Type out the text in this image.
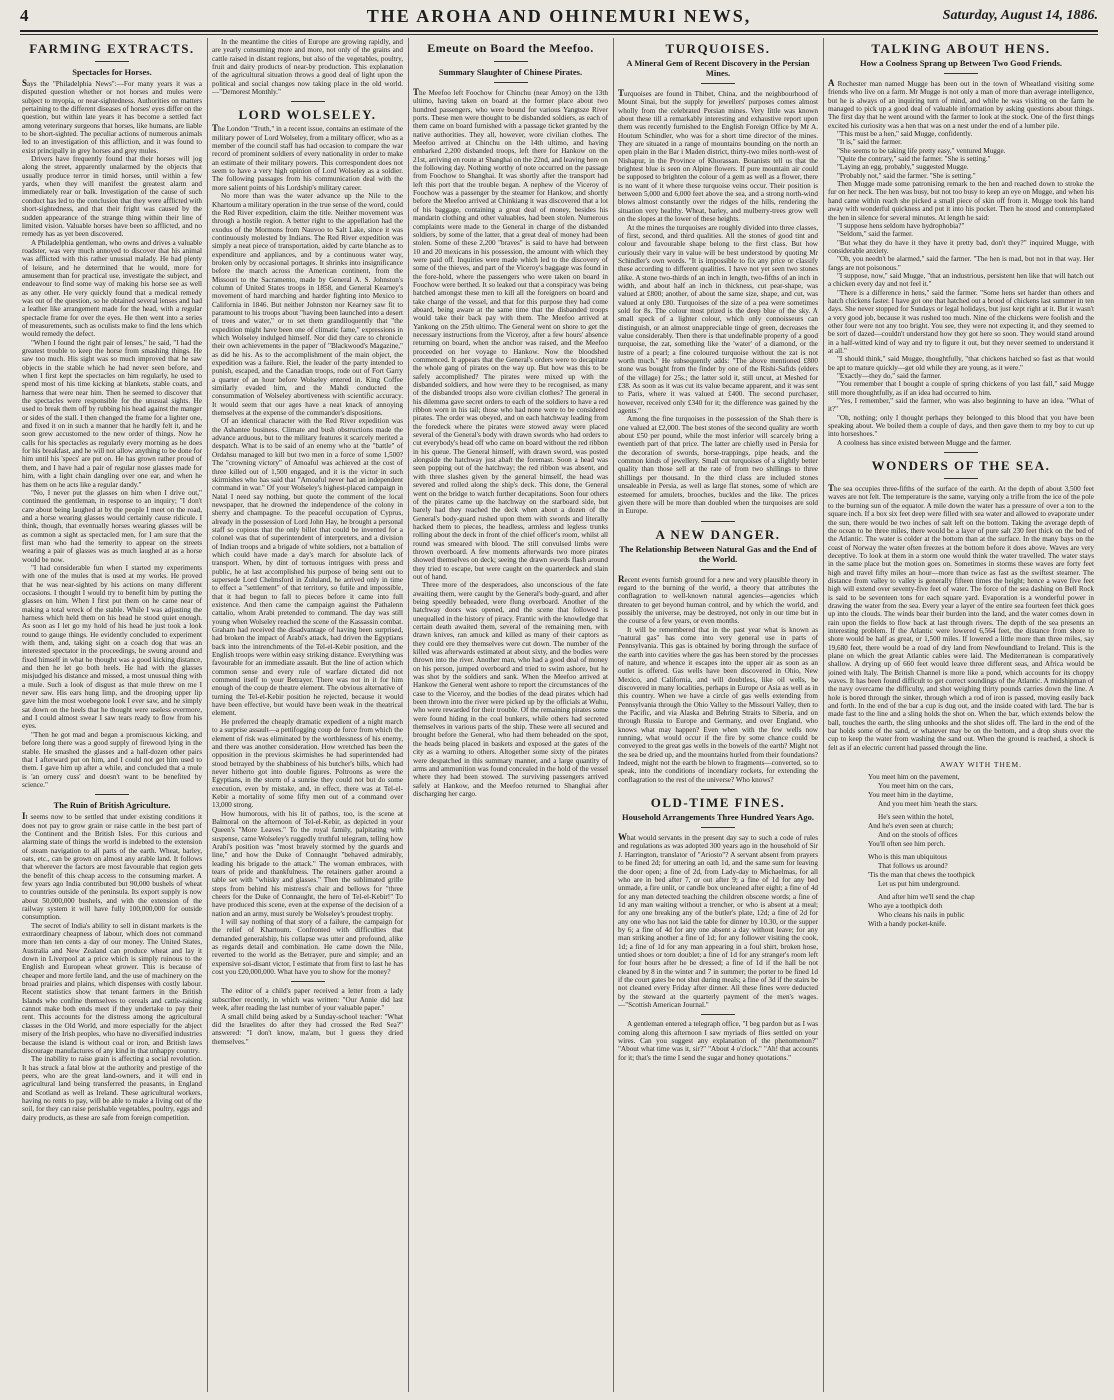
4	THE AROHA AND OHINEMURI NEWS,	Saturday, August 14, 1886.
FARMING EXTRACTS.
Spectacles for Horses.

Says the "Philadelphia News":—For many years it was a disputed question whether or not horses and mules were subject to myopia, or near-sightedness. Authorities on matters pertaining to the different diseases of horses' eyes differ on the question, but within late years it has become a settled fact among veterinary surgeons that horses, like humans, are liable to be short-sighted. The peculiar actions of numerous animals led to an investigation of this affliction, and it was found to exist principally in grey horses and grey mules.

Drivers have frequently found that their horses will jog along the street, apparently unalarmed by the objects that usually produce terror in timid horses, until within a few yards, when they will manifest the greatest alarm and immediately rear or balk. Investigation of the cause of such conduct has led to the conclusion that they were afflicted with short-sightedness, and that their fright was caused by the sudden appearance of the strange thing within their line of limited vision. Valuable horses have been so afflicted, and no remedy has as yet been discovered.

A Philadelphia gentleman, who owns and drives a valuable roadster, was very much annoyed to discover that his animal was afflicted with this rather unusual malady. He had plenty of leisure, and he determined that he would, more for amusement than for practical use, investigate the subject, and endeavour to find some way of making his horse see as well as any other. He very quickly found that a medical remedy was out of the question, so he obtained several lenses and had a leather like arrangement made for the head, with a regular spectacle frame for over the eyes. He then went into a series of measurements, such as oculists make to find the lens which would remedy the defect.

"When I found the right pair of lenses," he said, "I had the greatest trouble to keep the horse from smashing things. He saw too much. His sight was so much improved that he saw objects in the stable which he had never seen before, and when I first kept the spectacles on him regularly, he used to spend most of his time kicking at blankets, stable coats, and harness that were near him. Then he seemed to discover that the spectacles were responsible for the unusual sights. He used to break them off by rubbing his head against the manger or sides of the stall. I then changed the frame for a lighter one, and fixed it on in such a manner that he hardly felt it, and he soon grew accustomed to the new order of things. Now he calls for his spectacles as regularly every morning as he does for his breakfast, and he will not allow anything to be done for him until his 'specs' are put on. He has grown rather proud of them, and I have had a pair of regular nose glasses made for him, with a light chain dangling over one ear, and when he has them on he acts like a regular dandy."

"No, I never put the glasses on him when I drive out," continued the gentleman, in response to an inquiry; "I don't care about being laughed at by the people I meet on the road, and a horse wearing glasses would certainly cause ridicule. I think, though, that eventually horses wearing glasses will be as common a sight as spectacled men, for I am sure that the first man who had the temerity to appear on the streets wearing a pair of glasses was as much laughed at as a horse would be now.

"I had considerable fun when I started my experiments with one of the mules that is used at my works. He proved that he was near-sighted by his actions on many different occasions. I thought I would try to benefit him by putting the glasses on him. When I first put them on he came near of making a total wreck of the stable. While I was adjusting the harness which held them on his head he stood quiet enough. As soon as I let go my hold of his head he just took a look round to gauge things. He evidently concluded to experiment with them, and, taking sight on a coach dog that was an interested spectator in the proceedings, he swung around and fixed himself in what he thought was a good kicking distance, and then he let go both heels. He had with the glasses misjudged his distance and missed, a most unusual thing with a mule. Such a look of disgust as that mule threw on me I never saw. His ears hung limp, and the drooping upper lip gave him the most woebegone look I ever saw, and he simply sat down on the heels that he thought were useless evermore, and I could almost swear I saw tears ready to flow from his eyes.

"Then he got mad and began a promiscuous kicking, and before long there was a good supply of firewood lying in the stable. He smashed the glasses and a half-dozen other pairs that I afterward put on him, and I could not get him used to them. I gave him up after a while, and concluded that a mule is 'an ornery cuss' and doesn't want to be benefited by science."

The Ruin of British Agriculture.

It seems now to be settled that under existing conditions it does not pay to grow grain or raise cattle in the best part of the Continent and the British Isles. For this curious and alarming state of things the world is indebted to the extension of steam navigation to all parts of the earth. Wheat, barley, oats, etc., can be grown on almost any arable land. It follows that wherever the factors are most favourable that region gets the benefit of this cheap access to the consuming market. A few years ago India contributed but 90,000 bushels of wheat to countries outside of the peninsula. Its export supply is now about 50,000,000 bushels, and with the extension of the railway system it will have fully 100,000,000 for outside consumption.

The secret of India's ability to sell in distant markets is the extraordinary cheapness of labour, which does not command more than ten cents a day of our money. The United States, Australia and New Zealand can produce wheat and lay it down in Liverpool at a price which is simply ruinous to the English and European wheat grower. This is because of cheaper and more fertile land, and the use of machinery on the broad prairies and plains, which dispenses with costly labour. Recent statistics show that tenant farmers in the British Islands who confine themselves to cereals and cattle-raising cannot make both ends meet if they undertake to pay their rent. This accounts for the distress among the agricultural classes in the Old World, and more especially for the abject misery of the Irish peoples, who have no diversified industries because the island is without coal or iron, and British laws discourage manufactures of any kind in that unhappy country.

The inability to raise grain is affecting a social revolution. It has struck a fatal blow at the authority and prestige of the peers, who are the great land-owners, and it will end in agricultural land being transferred the peasants, in England and Scotland as well as Ireland. These agricultural workers, having no rents to pay, will be able to make a living out of the soil, for they can raise perishable vegetables, poultry, eggs and dairy products, as these are safe from foreign competition.

In the meantime the cities of Europe are growing rapidly, and are yearly consuming more and more, not only of the grains and cattle raised in distant regions, but also of the vegetables, poultry, fruit and dairy products of near-by production. This explanation of the agricultural situation throws a good deal of light upon the political and social changes now taking place in the old world.—"Demorest Monthly."

LORD WOLSELEY.

The London "Truth," in a recent issue, contains an estimate of the military power of Lord Wolseley, from a military officer, who as a member of the council staff has had occasion to compare the war record of prominent soldiers of every nationality in order to make an estimate of their military powers. This correspondent does not seem to have a very high opinion of Lord Wolseley as a soldier. The following passages from his communication deal with the more salient points of his Lordship's military career.

No more than was the water advance up the Nile to the Khartoum a military operation in the true sense of the word, could the Red River expedition, claim the title. Neither movement was through a hostile region. A better right to the appellation had the exodus of the Mormons from Nauvoo to Salt Lake, since it was continuously molested by Indians. The Red River expedition was simply a neat piece of transportation, aided by carte blanche as to expenditure and appliances, and by a continuous water way, broken only by occasional portages. It shrinks into insignificance before the march across the American continent, from the Missouri to the Sacramento, made by General A. S. Johnston's column of United States troops in 1858, and General Kearney's movement of hard marching and harder fighting into Mexico to California in 1846. But neither Johnston nor Kearney saw fit to paramount to his troops about "having been launched into a desert of trees and water," or to set them grandiloquently that "the expedition might have been one of climatic fame," expressions in which Wolseley indulged himself. Nor did they care to chronicle their own achievements in the paper of "Blackwood's Magazine," as did he his. As to the accomplishment of the main object, the expedition was a failure. Riel, the leader of the party intended to punish, escaped, and the Canadian troops, rode out of Fort Garry a quarter of an hour before Wolseley entered in. King Coffee similarly evaded him, and the Mahdi conducted the consummation of Wolseley abortiveness with scientific accuracy. It would seem that our ages have a neat knack of annoying themselves at the expense of the commander's dispositions.

Of an identical character with the Red River expedition was the Ashantee business. Climate and bush obstructions made the advance arduous, but to the military features it scarcely merited a despatch. What is to be said of an enemy who at the "battle" of Ordahsu managed to kill but two men in a force of some 1,500? The "crowning victory" of Amoaful was achieved at the cost of three killed out of 1,500 engaged, and it is the victor in such skirmishes who has said that "Amoaful never had an independent command in war." Of your Wolseley's highest-placed campaign in Natal I need say nothing, but quote the comment of the local newspaper, that he drowned the independence of the colony in sherry and champagne. To the peaceful occupation of Cyprus, already in the possession of Lord John Hay, he brought a personal staff so copious that the only billet that could be invented for a colonel was that of superintendent of interpreters, and a division of Indian troops and a brigade of white soldiers, not a battalion of which could have made a day's march for absolute lack of transport. When, by dint of tortuous intrigues with press and public, he at last accomplished his purpose of being sent out to supersede Lord Chelmsford in Zululand, he arrived only in time to effect a "settlement" of that territory, so futile and impossible, that it had begun to fall to pieces before it came into full existence. And then came the campaign against the Pathalenn cattalio, whom Arabi pretended to command. The day was still young when Wolseley reached the scene of the Kassassin combat. Graham had received the disadvantage of having been surprised, had broken the impact of Arabi's attack, had driven the Egyptians back into the intrenchments of the Tel-el-Kebir position, and the English troops were within easy striking distance. Everything was favourable for an immediate assault. But the line of action which common sense and every rule of warfare dictated did not commend itself to your Betrayer. There was not in it for him enough of the coup de theatre element. The obvious alternative of turning the Tel-el-Kebir position he rejected, because it would have been effective, but would have been weak in the theatrical element.

He preferred the cheaply dramatic expedient of a night march to a surprise assault—a pettifogging coup de force from which the element of risk was eliminated by the worthlessness of his enemy, and there was another consideration. How wretched has been the opposition in the previous skirmishes he had superintended had stood betrayed by the shabbiness of his butcher's bills, which had never hitherto got into double figures. Poltroons as were the Egyptians, in the storm of a sunrise they could not but do some execution, even by mistake, and, in effect, there was at Tel-el-Kebir a mortality of some fifty men out of a command over 13,000 strong.

How humorous, with his lit of pathos, too, is the scene at Balmoral on the afternoon of Tel-el-Kebir, as depicted in your Queen's "More Leaves." To the royal family, palpitating with suspense, came Wolseley's ruggedly truthful telegram, telling how Arabi's position was "most bravely stormed by the guards and line," and how the Duke of Connaught "behaved admirably, leading his brigade to the attack." The woman embraces, with tears of pride and thankfulness. The retainers gather around a table set with "whisky and glasses." Then the sublimated grille steps from behind his mistress's chair and bellows for "three cheers for the Duke of Connaught, the hero of Tel-el-Kebir!" To have produced this scene, even at the expense of the decision of a nation and an army, must surely be Wolseley's proudest trophy.

I will say nothing of that story of a failure, the campaign for the relief of Khartoum. Confronted with difficulties that demanded generalship, his collapse was utter and profound, alike as regards detail and combination. He came down the Nile, reverted to the world as the Betrayer, pure and simple; and an expensive soi-disant victor, I estimate that from first to last he has cost you £20,000,000. What have you to show for the money?

The editor of a child's paper received a letter from a lady subscriber recently, in which was written: "Our Annie did last week, after reading the last number of your valuable paper."

A small child being asked by a Sunday-school teacher: "What did the Israelites do after they had crossed the Red Sea?" answered: "I don't know, ma'am, but I guess they dried themselves."

Emeute on Board the Meefoo.
Summary Slaughter of Chinese Pirates.

The Meefoo left Foochow for Chinchu (near Amoy) on the 13th ultimo, having taken on board at the former place about two hundred passengers, who were bound for various Yangtsze River ports. These men were thought to be disbanded soldiers, as each of them came on board furnished with a passage ticket granted by the native authorities. They all, however, wore civilian clothes. The Meefoo arrived at Chinchu on the 14th ultimo, and having embarked 2,200 disbanded troops, left there for Hankow on the 21st, arriving en route at Shanghai on the 22nd, and leaving here on the following day. Nothing worthy of note occurred on the passage from Foochow to Shanghai. It was shortly after the transport had left this port that the trouble began. A nephew of the Viceroy of Foochow was a passenger by the steamer for Hankow, and shortly before the Meefoo arrived at Chinkiang it was discovered that a lot of his baggage, containing a great deal of money, besides his mandarin clothing and other valuables, had been stolen. Numerous complaints were made to the General in charge of the disbanded soldiers, by some of the latter, that a great deal of money had been stolen. Some of these 2,200 "braves" is said to have had between 10 and 20 mexicans in his possession, the amount with which they were paid off. Inquiries were made which led to the discovery of some of the thieves, and part of the Viceroy's baggage was found in the fore-hold, where the passengers who were taken on board in Foochow were berthed. It so leaked out that a conspiracy was being hatched amongst these men to kill all the foreigners on board and take charge of the vessel, and that for this purpose they had come aboard, being aware at the same time that the disbanded troops would take their back pay with them. The Meefoo arrived at Yankong on the 25th ultimo. The General went on shore to get the necessary instructions from the Viceroy, after a few hours' absence returning on board, when the anchor was raised, and the Meefoo proceeded on her voyage to Hankow. Now the bloodshed commenced. It appears that the General's orders were to decapitate the whole gang of pirates on the way up. But how was this to be safely accomplished? The pirates were mixed up with the disbanded soldiers, and how were they to be recognised, as many of the disbanded troops also wore civilian clothes? The general in his dilemma gave secret orders to each of the soldiers to have a red ribbon worn in his tail; those who had none were to be considered pirates. The order was obeyed, and on each hatchway leading from the foredeck where the pirates were stowed away were placed several of the General's body with drawn swords who had orders to cut everybody's head off who came on board without the red ribbon in his queue. The General himself, with drawn sword, was posted alongside the hatchway just abaft the foremast. Soon a head was seen popping out of the hatchway; the red ribbon was absent, and with three slashes given by the general himself, the head was severed and rolled along the ship's deck. This done, the General went on the bridge to watch further decapitations. Soon four others of the pirates came up the hatchway on the starboard side, but barely had they reached the deck when about a dozen of the General's body-guard rushed upon them with swords and literally hacked them to pieces, the headless, armless and legless trunks rolling about the deck in front of the chief officer's room, whilst all round was smeared with blood. The still convulsed limbs were thrown overboard. A few moments afterwards two more pirates showed themselves on deck; seeing the drawn swords flash around they tried to escape, but were caught on the quarterdeck and slain out of hand.

Three more of the desperadoes, also unconscious of the fate awaiting them, were caught by the General's body-guard, and after being speedily beheaded, were flung overboard. Another of the hatchway doors was opened, and the scene that followed is unequalled in the history of piracy. Frantic with the knowledge that certain death awaited them, several of the remaining men, with drawn knives, ran amuck and killed as many of their captors as they could ere they themselves were cut down. The number of the killed was afterwards estimated at about sixty, and the bodies were thrown into the river. Another man, who had a good deal of money on his person, jumped overboard and tried to swim ashore, but he was shot by the soldiers and sank. When the Meefoo arrived at Hankow the General went ashore to report the circumstances of the case to the Viceroy, and the bodies of the dead pirates which had been thrown into the river were picked up by the officials at Wuhu, who were rewarded for their trouble. Of the remaining pirates some were found hiding in the coal bunkers, while others had secreted themselves in various parts of the ship. These were all secured and brought before the General, who had them beheaded on the spot, the heads being placed in baskets and exposed at the gates of the city as a warning to others. Altogether some sixty of the pirates were despatched in this summary manner, and a large quantity of arms and ammunition was found concealed in the hold of the vessel where they had been stowed. The surviving passengers arrived safely at Hankow, and the Meefoo returned to Shanghai after discharging her cargo.

TURQUOISES.
A Mineral Gem of Recent Discovery in the Persian Mines.

Turquoises are found in Thibet, China, and the neighbourhood of Mount Sinai, but the supply for jewellers' purposes comes almost wholly from the celebrated Persian mines. Very little was known about these till a remarkably interesting and exhaustive report upon them was recently furnished to the English Foreign Office by Mr A. Houtum Schindler, who was for a short time director of the mines. They are situated in a range of mountains bounding on the north an open plain in the Bar i Maden district, thirty-two miles north-west of Nishapur, in the Province of Khorassan. Botanists tell us that the brightest blue is seen on Alpine flowers. If pure mountain air could be supposed to brighten the colour of a gem as well as a flower, there is no want of it where these turquoise veins occur. Their position is between 5,000 and 6,000 feet above the sea, and a strong north-wind blows almost constantly over the ridges of the hills, rendering the situation very healthy. Wheat, barley, and mulberry-trees grow well on the slopes at the lower of these heights.

At the mines the turquoises are roughly divided into three classes, of first, second, and third qualities. All the stones of good tint and colour and favourable shape belong to the first class. But how curiously their vary in value will be best understood by quoting Mr Schindler's own words. "It is impossible to fix any price or classify these according to different qualities. I have not yet seen two stones alike. A stone two-thirds of an inch in length, two-fifths of an inch in width, and about half an inch in thickness, cut pear-shape, was valued at £800; another, of about the same size, shape, and cut, was valued at only £80. Turquoises of the size of a pea were sometimes sold for 8s. The colour most prized is the deep blue of the sky. A small speck of a lighter colour, which only connoisseurs can distinguish, or an almost unappreciable tinge of green, decreases the value considerably. Then there is that undefinable property of a good turquoise, the zat, something like the 'water' of a diamond, or the lustre of a pearl; a fine coloured turquoise without the zat is not worth much." He subsequently adds: "The above mentioned £800 stone was bought from the finder by one of the Rishi-Safids (elders of the village) for 25s.; the latter sold it, still uncut, at Meshed for £38. As soon as it was cut its value became apparent, and it was sent to Paris, where it was valued at £400. The second purchaser, however, received only £340 for it; the difference was gained by the agents."

Among the fine turquoises in the possession of the Shah there is one valued at £2,000. The best stones of the second quality are worth about £50 per pound, while the most inferior will scarcely bring a twentieth part of that price. The latter are chiefly used in Persia for the decoration of swords, horse-trappings, pipe heads, and the common kinds of jewellery. Small cut turquoises of a slightly better quality than those sell at the rate of from two shillings to three shillings per thousand. In the third class are included stones unsaleable in Persia, as well as large flat stones, some of which are esteemed for amulets, brooches, buckles and the like. The prices given there will be more than doubled when the turquoises are sold in Europe.

A NEW DANGER.
The Relationship Between Natural Gas and the End of the World.

Recent events furnish ground for a new and very plausible theory in regard to the burning of the world, a theory that attributes the conflagration to well-known natural agencies—agencies which threaten to get beyond human control, and by which the world, and possibly the universe, may be destroyed, not only in our time but in the course of a few years, or even months.

It will be remembered that in the past year what is known as "natural gas" has come into very general use in parts of Pennsylvania. This gas is obtained by boring through the surface of the earth into cavities where the gas has been stored by the processes of nature, and whence it escapes into the upper air as soon as an outlet is offered. Gas wells have been discovered in Ohio, New Mexico, and California, and will doubtless, like oil wells, be discovered in many localities, perhaps in Europe or Asia as well as in this country. When we have a circle of gas wells extending from Pennsylvania through the Ohio Valley to the Missouri Valley, then to the Pacific, and via Alaska and Behring Straits to Siberia, and on through Russia to Europe and Germany, and over England, who knows what may happen? Even when with the few wells now running, what would occur if the fire by some chance could be conveyed to the great gas wells in the bowels of the earth? Might not the sea be dried up, and the mountains hurled from their foundations? Indeed, might not the earth be blown to fragments—converted, so to speak, into the conditions of incendiary rockets, for extending the conflagration to the rest of the universe? Who knows?

OLD-TIME FINES.
Household Arrangements Three Hundred Years Ago.

What would servants in the present day say to such a code of rules and regulations as was adopted 300 years ago in the household of Sir J. Harrington, translator of "Ariosto"? A servant absent from prayers to be fined 2d; for uttering an oath 1d, and the same sum for leaving the door open; a fine of 2d, from Lady-day to Michaelmas, for all who are in bed after 7, or out after 9; a fine of 1d for any bed unmade, a fire unlit, or candle box uncleaned after eight; a fine of 4d for any man detected teaching the children obscene words; a fine of 1d any man waiting without a trencher, or who is absent at a meal; for any one breaking any of the butler's plate, 12d; a fine of 2d for any one who has not laid the table for dinner by 10.30, or the supper by 6; a fine of 4d for any one absent a day without leave; for any man striking another a fine of 1d; for any follower visiting the cook, 1d; a fine of 1d for any man appearing in a foul shirt, broken hose, untied shoes or torn doublet; a fine of 1d for any stranger's room left for four hours after he be dressed; a fine of 1d if the hall be not cleaned by 8 in the winter and 7 in summer; the porter to be fined 1d if the court gates be not shut during meals; a fine of 3d if the stairs be not cleaned every Friday after dinner. All these fines were deducted by the steward at the quarterly payment of the men's wages.—"Scottish American Journal."

A gentleman entered a telegraph office, "I beg pardon but as I was coming along this afternoon I saw myriads of flies settled on your wires. Can you suggest any explanation of the phenomenon?" "About what time was it, sir?" "About 4 o'clock." "Ah! that accounts for it; that's the time I send the sugar and honey quotations."

TALKING ABOUT HENS.
How a Coolness Sprang up Between Two Good Friends.

A Rochester man named Mugge has been out in the town of Wheatland visiting some friends who live on a farm. Mr Mugge is not only a man of more than average intelligence, but he is always of an inquiring turn of mind, and while he was visiting on the farm he managed to pick up a good deal of valuable information by asking questions about things. The first day that he went around with the farmer to look at the stock. One of the first things excited his curiosity was a hen that was on a nest under the end of a lumber pile.

"This must be a hen," said Mugge, confidently.

"It is," said the farmer.

"She seems to be taking life pretty easy," ventured Mugge.

"Quite the contrary," said the farmer. "She is setting."

"Laying an egg, probably," suggested Mugge.

"Probably not," said the farmer. "She is setting."

Then Mugge made some patronising remark to the hen and reached down to stroke the fur on her neck. The hen was busy, but not too busy to keep an eye on Mugge, and when his hand came within reach she picked a small piece of skin off from it. Mugge took his hand away with wonderful quickness and put it into his pocket. Then he stood and contemplated the hen in silence for several minutes. At length he said:

"I suppose hens seldom have hydrophobia?"

"Seldom," said the farmer.

"But what they do have it they have it pretty bad, don't they?" inquired Mugge, with considerable anxiety.

"Oh, you needn't be alarmed," said the farmer. "The hen is mad, but not in that way. Her fangs are not poisonous."

"I suppose, now," said Mugge, "that an industrious, persistent hen like that will hatch out a chicken every day and not feel it."

"There is a difference in hens," said the farmer. "Some hens set harder than others and hatch chickens faster. I have got one that hatched out a brood of chickens last summer in ten days. She never stopped for Sundays or legal holidays, but just kept right at it. But it wasn't a very good job, because it was rushed too much. Nine of the chickens were foolish and the other four were not any too bright. You see, they were not expecting it, and they seemed to be sort of dazed—couldn't understand how they got here so soon. They would stand around in a half-witted kind of way and try to figure it out, but they never seemed to understand it at all."

"I should think," said Mugge, thoughtfully, "that chickens hatched so fast as that would be apt to mature quickly—get old while they are young, as it were."

"Exactly—they do," said the farmer.

"You remember that I bought a couple of spring chickens of you last fall," said Mugge still more thoughtfully, as if an idea had occurred to him.

"Yes, I remember," said the farmer, who was also beginning to have an idea. "What of it?"

"Oh, nothing; only I thought perhaps they belonged to this blood that you have been speaking about. We boiled them a couple of days, and then gave them to my boy to cut up into horseshoes."

A coolness has since existed between Mugge and the farmer.

WONDERS OF THE SEA.

The sea occupies three-fifths of the surface of the earth. At the depth of about 3,500 feet waves are not felt. The temperature is the same, varying only a trifle from the ice of the pole to the burning sun of the equator. A mile down the water has a pressure of over a ton to the square inch. If a box six feet deep were filled with sea water and allowed to evaporate under the sun, there would be two inches of salt left on the bottom. Taking the average depth of the ocean to be three miles, there would be a layer of pure salt 230 feet thick on the bed of the Atlantic. The water is colder at the bottom than at the surface. In the many bays on the coast of Norway the water often freezes at the bottom before it does above. Waves are very deceptive. To look at them in a storm one would think the water travelled. The water stays in the same place but the motion goes on. Sometimes in storms these waves are forty feet high and travel fifty miles an hour—more than twice as fast as the swiftest steamer. The distance from valley to valley is generally fifteen times the height; hence a wave five feet high will extend over seventy-five feet of water. The force of the sea dashing on Bell Rock is said to be seventeen tons for each square yard. Evaporation is a wonderful power in drawing the water from the sea. Every year a layer of the entire sea fourteen feet thick goes up into the clouds. The winds bear their burden into the land, and the water comes down in rain upon the fields to flow back at last through rivers. The depth of the sea presents an interesting problem. If the Atlantic were lowered 6,564 feet, the distance from shore to shore would be half as great, or 1,500 miles. If lowered a little more than three miles, say 19,680 feet, there would be a road of dry land from Newfoundland to Ireland. This is the plane on which the great Atlantic cables were laid. The Mediterranean is comparatively shallow. A drying up of 660 feet would leave three different seas, and Africa would be joined with Italy. The British Channel is more like a pond, which accounts for its choppy waves. It has been found difficult to get correct soundings of the Atlantic. A midshipman of the navy overcame the difficulty, and shot weighing thirty pounds carries down the line. A hole is bored through the sinker, through which a rod of iron is passed, moving easily back and forth. In the end of the bar a cup is dug out, and the inside coated with lard. The bar is made fast to the line and a sling holds the shot on. When the bar, which extends below the ball, touches the earth, the sling unhooks and the shot slides off. The lard in the end of the bar holds some of the sand, or whatever may be on the bottom, and a drop shuts over the cup to keep the water from washing the sand out. When the ground is reached, a shock is felt as if an electric current had passed through the line.

AWAY WITH THEM.
You meet him on the pavement,
You meet him on the cars,
You meet him in the daytime,
And you meet him 'neath the stars.
He's seen within the hotel,
And he's even seen at church;
And on the stools of offices
You'll often see him perch.
Who is this man ubiquitous
That follows us around?
'Tis the man that chews the toothpick
Let us put him underground.
And after him we'll send the chap
Who aye a toothpick doth
Who cleans his nails in public
With a handy pocket-knife.
